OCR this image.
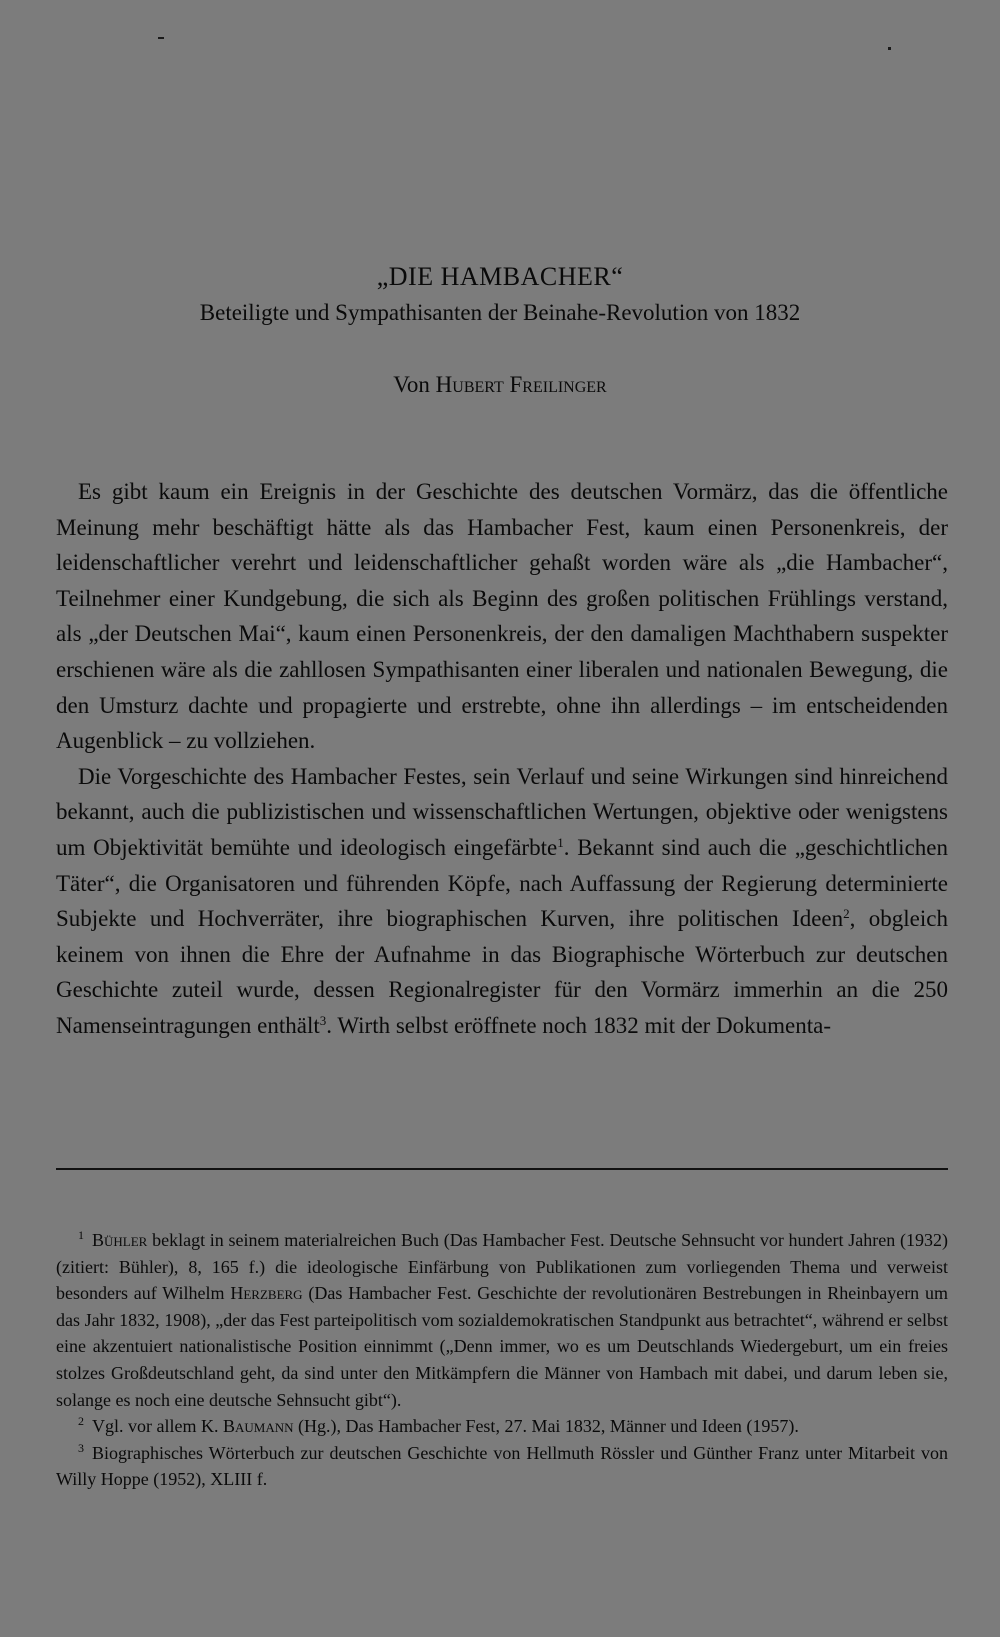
„DIE HAMBACHER“
Beteiligte und Sympathisanten der Beinahe-Revolution von 1832
Von Hubert Freilinger

Es gibt kaum ein Ereignis in der Geschichte des deutschen Vormärz, das die öffentliche Meinung mehr beschäftigt hätte als das Hambacher Fest, kaum einen Personenkreis, der leidenschaftlicher verehrt und leidenschaftlicher gehaßt worden wäre als „die Hambacher“, Teilnehmer einer Kundgebung, die sich als Beginn des großen politischen Frühlings verstand, als „der Deutschen Mai“, kaum einen Personenkreis, der den damaligen Machthabern suspekter erschienen wäre als die zahllosen Sympathisanten einer liberalen und nationalen Bewegung, die den Umsturz dachte und propagierte und erstrebte, ohne ihn allerdings – im entscheidenden Augenblick – zu vollziehen.

Die Vorgeschichte des Hambacher Festes, sein Verlauf und seine Wirkungen sind hinreichend bekannt, auch die publizistischen und wissenschaftlichen Wertungen, objektive oder wenigstens um Objektivität bemühte und ideologisch eingefärbte$^1$. Bekannt sind auch die „geschichtlichen Täter“, die Organisatoren und führenden Köpfe, nach Auffassung der Regierung determinierte Subjekte und Hochverräter, ihre biographischen Kurven, ihre politischen Ideen$^2$, obgleich keinem von ihnen die Ehre der Aufnahme in das Biographische Wörterbuch zur deutschen Geschichte zuteil wurde, dessen Regionalregister für den Vormärz immerhin an die 250 Namenseintragungen enthält$^3$. Wirth selbst eröffnete noch 1832 mit der Dokumenta-

$^1$ Bühler beklagt in seinem materialreichen Buch (Das Hambacher Fest. Deutsche Sehnsucht vor hundert Jahren (1932) (zitiert: Bühler), 8, 165 f.) die ideologische Einfärbung von Publikationen zum vorliegenden Thema und verweist besonders auf Wilhelm Herzberg (Das Hambacher Fest. Geschichte der revolutionären Bestrebungen in Rheinbayern um das Jahr 1832, 1908), „der das Fest parteipolitisch vom sozialdemokratischen Standpunkt aus betrachtet“, während er selbst eine akzentuiert nationalistische Position einnimmt („Denn immer, wo es um Deutschlands Wiedergeburt, um ein freies stolzes Großdeutschland geht, da sind unter den Mitkämpfern die Männer von Hambach mit dabei, und darum leben sie, solange es noch eine deutsche Sehnsucht gibt“).

$^2$ Vgl. vor allem K. Baumann (Hg.), Das Hambacher Fest, 27. Mai 1832, Männer und Ideen (1957).

$^3$ Biographisches Wörterbuch zur deutschen Geschichte von Hellmuth Rössler und Günther Franz unter Mitarbeit von Willy Hoppe (1952), XLIII f.
